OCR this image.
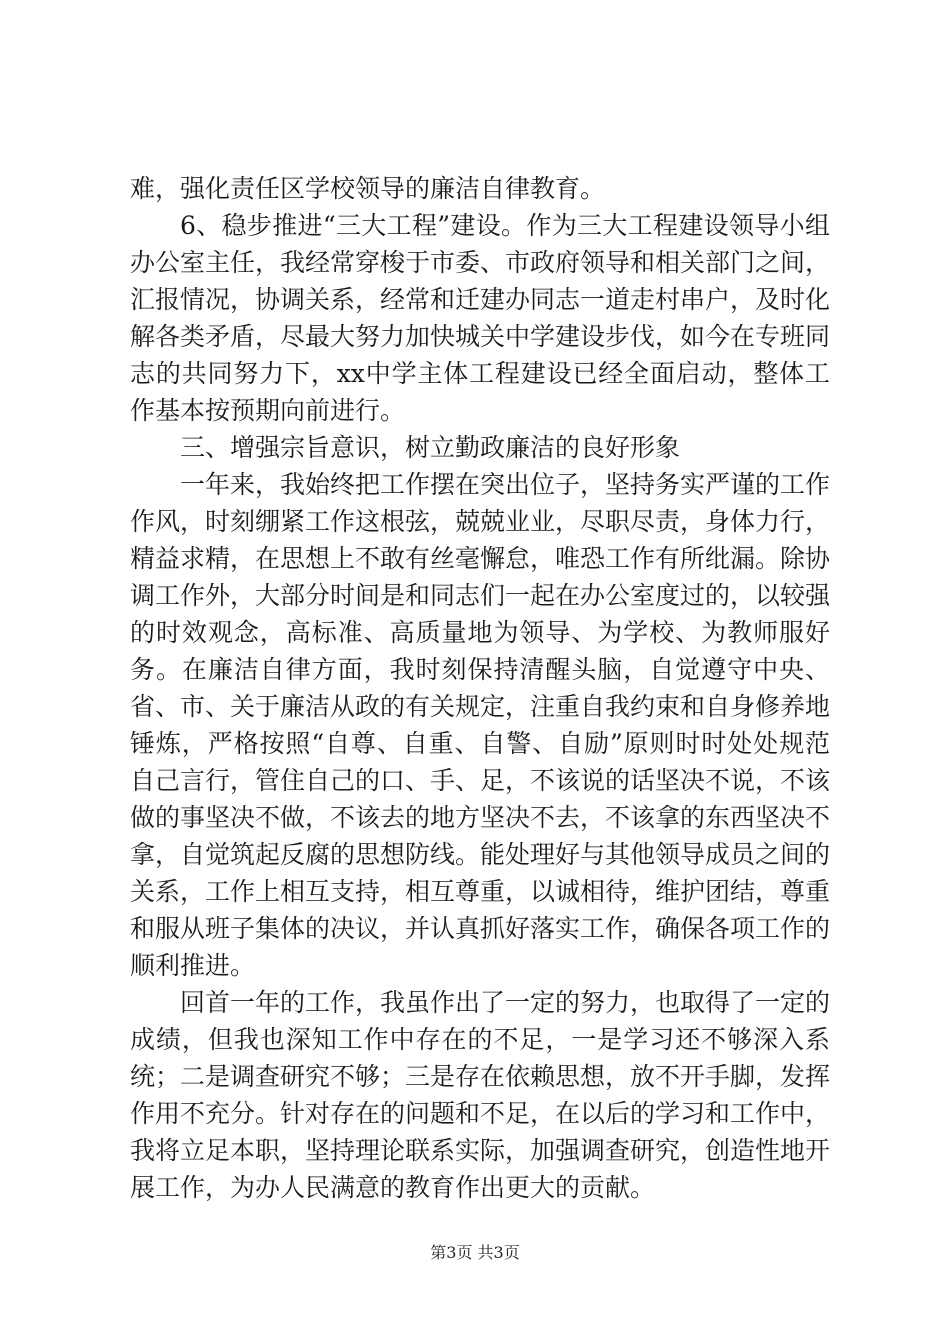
难，强化责任区学校领导的廉洁自律教育。

6、稳步推进“三大工程”建设。作为三大工程建设领导小组办公室主任，我经常穿梭于市委、市政府领导和相关部门之间，汇报情况，协调关系，经常和迁建办同志一道走村串户，及时化解各类矛盾，尽最大努力加快城关中学建设步伐，如今在专班同志的共同努力下，xx中学主体工程建设已经全面启动，整体工作基本按预期向前进行。

三、增强宗旨意识，树立勤政廉洁的良好形象

一年来，我始终把工作摆在突出位子，坚持务实严谨的工作作风，时刻绷紧工作这根弦，兢兢业业，尽职尽责，身体力行，精益求精，在思想上不敢有丝毫懈怠，唯恐工作有所纰漏。除协调工作外，大部分时间是和同志们一起在办公室度过的，以较强的时效观念，高标准、高质量地为领导、为学校、为教师服好务。在廉洁自律方面，我时刻保持清醒头脑，自觉遵守中央、省、市、关于廉洁从政的有关规定，注重自我约束和自身修养地锤炼，严格按照“自尊、自重、自警、自励”原则时时处处规范自己言行，管住自己的口、手、足，不该说的话坚决不说，不该做的事坚决不做，不该去的地方坚决不去，不该拿的东西坚决不拿，自觉筑起反腐的思想防线。能处理好与其他领导成员之间的关系，工作上相互支持，相互尊重，以诚相待，维护团结，尊重和服从班子集体的决议，并认真抓好落实工作，确保各项工作的顺利推进。

回首一年的工作，我虽作出了一定的努力，也取得了一定的成绩，但我也深知工作中存在的不足，一是学习还不够深入系统；二是调查研究不够；三是存在依赖思想，放不开手脚，发挥作用不充分。针对存在的问题和不足，在以后的学习和工作中，我将立足本职，坚持理论联系实际，加强调查研究，创造性地开展工作，为办人民满意的教育作出更大的贡献。

第3页 共3页
